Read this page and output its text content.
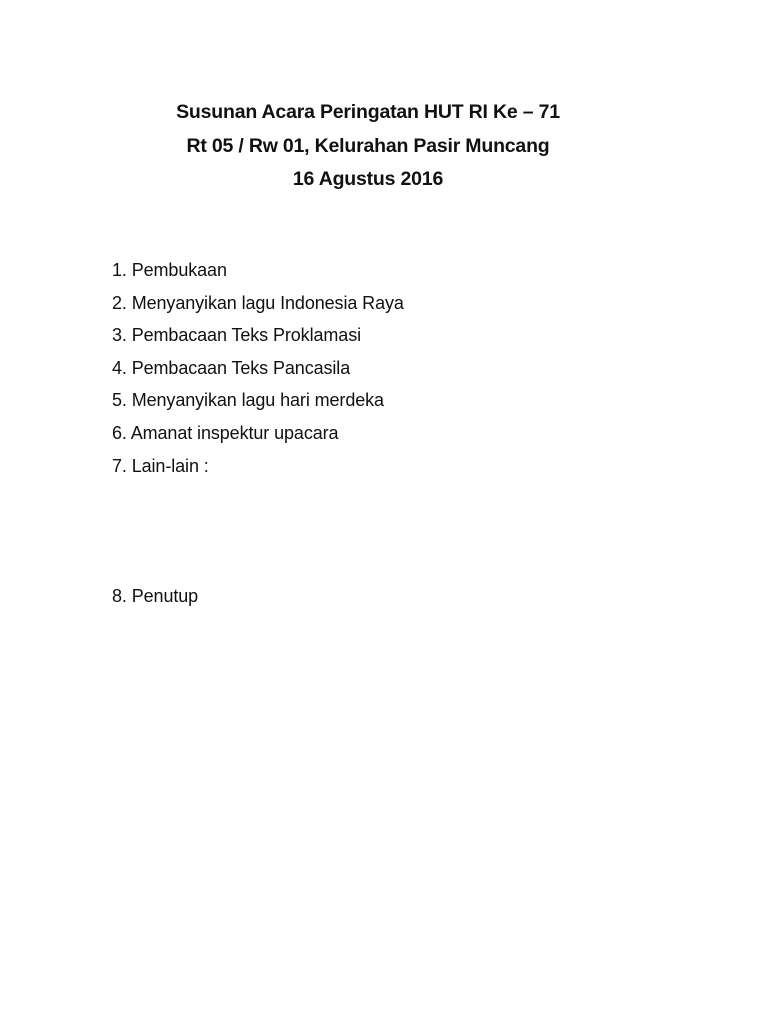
Susunan Acara Peringatan HUT RI Ke – 71
Rt 05 / Rw 01, Kelurahan Pasir Muncang
16 Agustus 2016
1. Pembukaan
2. Menyanyikan lagu Indonesia Raya
3. Pembacaan Teks Proklamasi
4. Pembacaan Teks Pancasila
5. Menyanyikan lagu hari merdeka
6. Amanat inspektur upacara
7. Lain-lain :
8. Penutup
